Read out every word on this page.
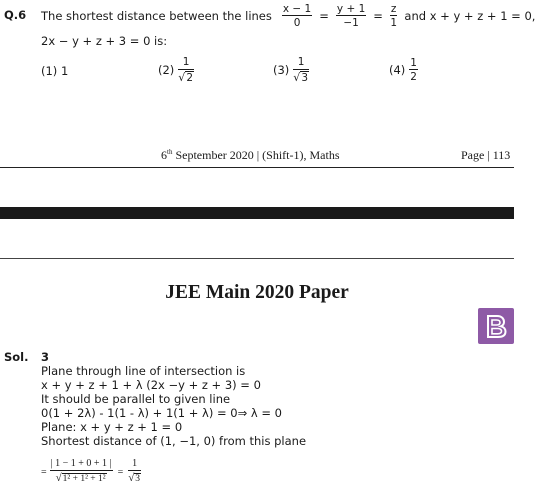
Q.6 The shortest distance between the lines $\frac{x - 1}{0} = \frac{y + 1}{-1} = \frac{z}{1}$ and x + y + z + 1 = 0,
2x − y + z + 3 = 0 is:
(1) 1	$(2) \frac{1}{√2}$	$(3) \frac{1}{√3}$	$(4) \frac{1}{2}$
6th September 2020 | (Shift-1), Maths	Page | 113
JEE Main 2020 Paper
Sol. 3
Plane through line of intersection is
x + y + z + 1 + λ (2x −y + z + 3) = 0
It should be parallel to given line
0(1 + 2λ) - 1(1 - λ) + 1(1 + λ) = 0⇒ λ = 0
Plane: x + y + z + 1 = 0
Shortest distance of (1, −1, 0) from this plane
= $\frac{| 1 - 1 + 0 + 1 |}{\text{√1² + 1² + 1²}} = \frac{1}{√3}$
